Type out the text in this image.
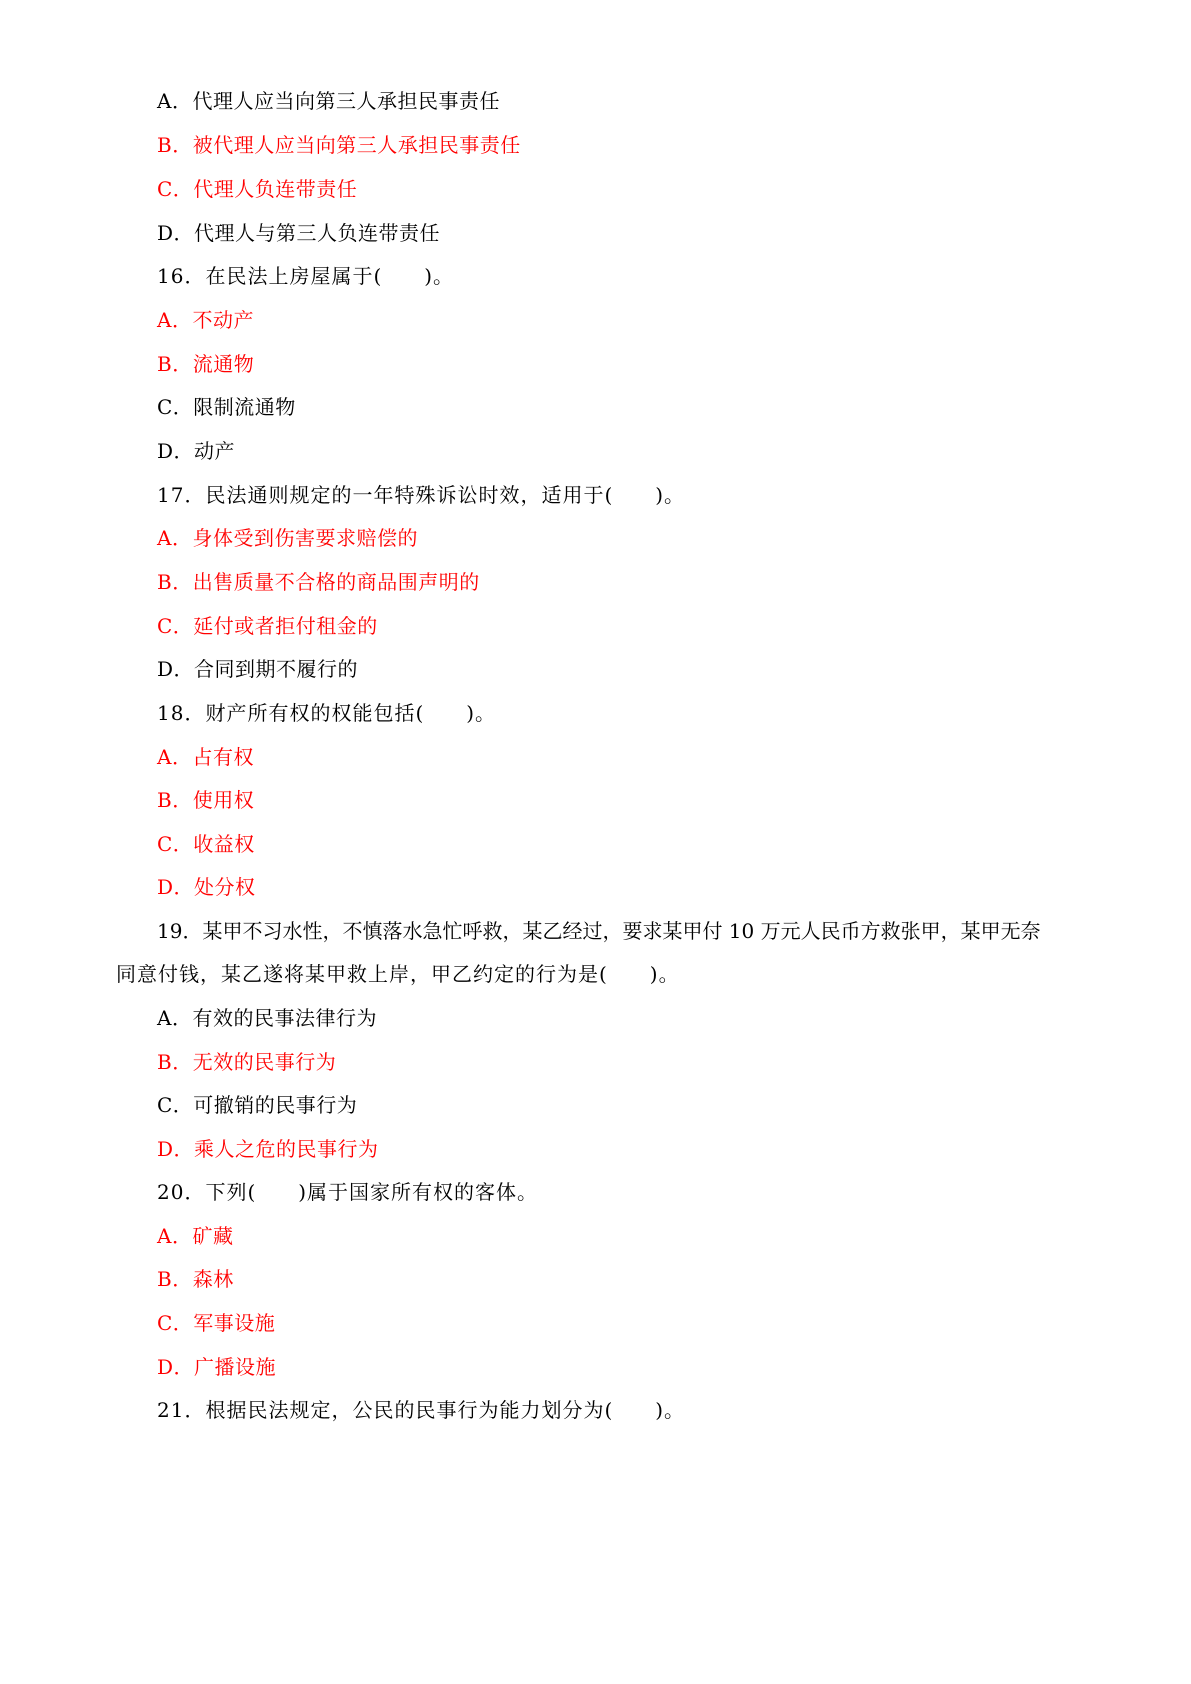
A．代理人应当向第三人承担民事责任
B．被代理人应当向第三人承担民事责任
C．代理人负连带责任
D．代理人与第三人负连带责任
16．在民法上房屋属于(　　)。
A．不动产
B．流通物
C．限制流通物
D．动产
17．民法通则规定的一年特殊诉讼时效，适用于(　　)。
A．身体受到伤害要求赔偿的
B．出售质量不合格的商品围声明的
C．延付或者拒付租金的
D．合同到期不履行的
18．财产所有权的权能包括(　　)。
A．占有权
B．使用权
C．收益权
D．处分权
19．某甲不习水性，不慎落水急忙呼救，某乙经过，要求某甲付 10 万元人民币方救张甲，某甲无奈
同意付钱，某乙遂将某甲救上岸，甲乙约定的行为是(　　)。
A．有效的民事法律行为
B．无效的民事行为
C．可撤销的民事行为
D．乘人之危的民事行为
20．下列(　　)属于国家所有权的客体。
A．矿藏
B．森林
C．军事设施
D．广播设施
21．根据民法规定，公民的民事行为能力划分为(　　)。
